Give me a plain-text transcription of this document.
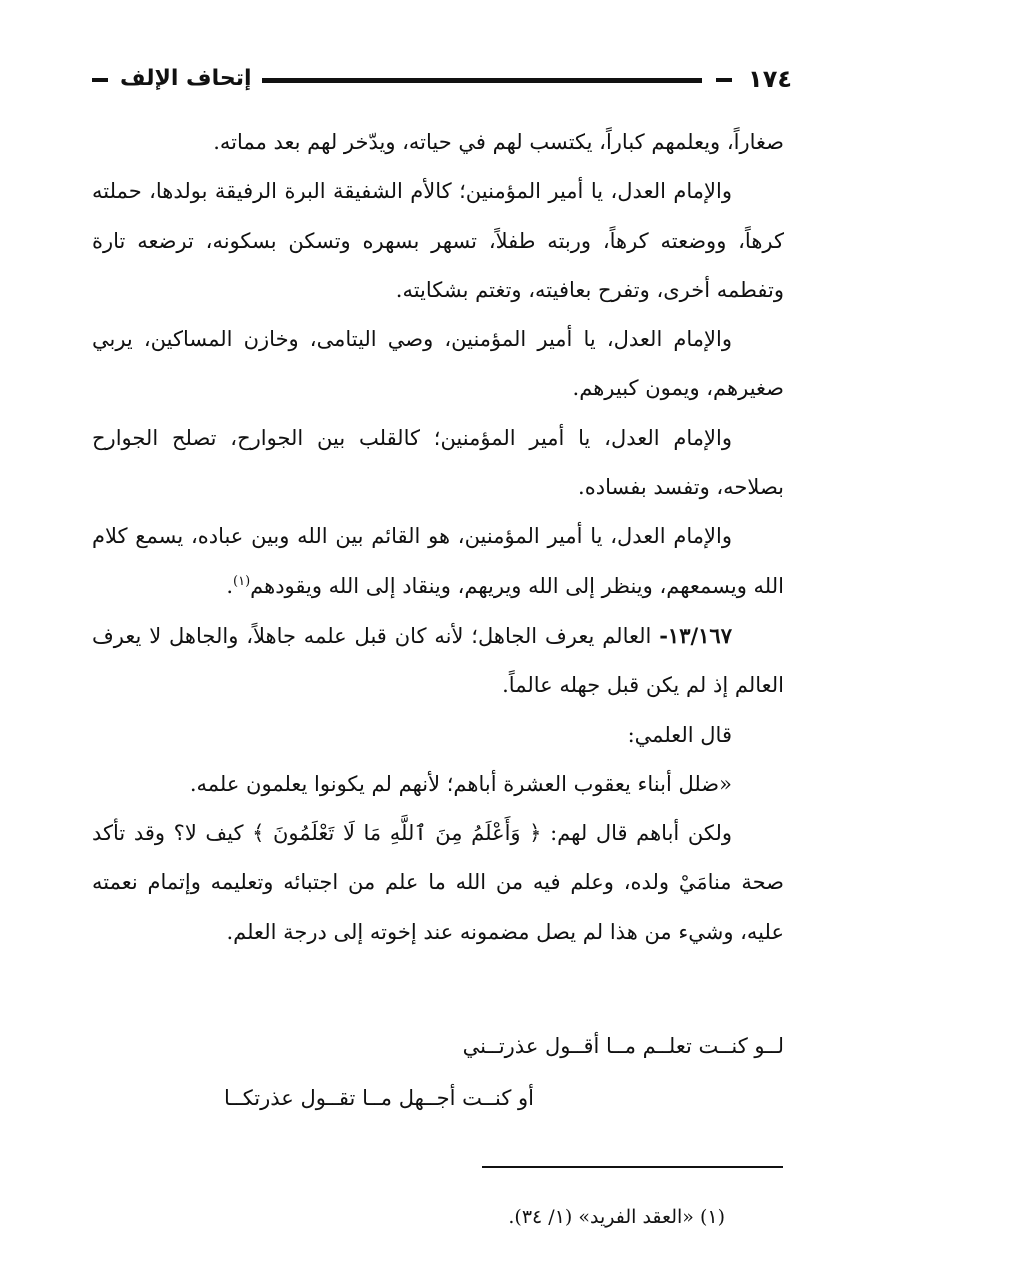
١٧٤
إتحاف الإلف

صغاراً، ويعلمهم كباراً، يكتسب لهم في حياته، ويدّخر لهم بعد مماته.

والإمام العدل، يا أمير المؤمنين؛ كالأم الشفيقة البرة الرفيقة بولدها، حملته كرهاً، ووضعته كرهاً، وربته طفلاً، تسهر بسهره وتسكن بسكونه، ترضعه تارة وتفطمه أخرى، وتفرح بعافيته، وتغتم بشكايته.

والإمام العدل، يا أمير المؤمنين، وصي اليتامى، وخازن المساكين، يربي صغيرهم، ويمون كبيرهم.

والإمام العدل، يا أمير المؤمنين؛ كالقلب بين الجوارح، تصلح الجوارح بصلاحه، وتفسد بفساده.

والإمام العدل، يا أمير المؤمنين، هو القائم بين الله وبين عباده، يسمع كلام الله ويسمعهم، وينظر إلى الله ويريهم، وينقاد إلى الله ويقودهم$^{(١)}$.

١٣/١٦٧- العالم يعرف الجاهل؛ لأنه كان قبل علمه جاهلاً، والجاهل لا يعرف العالم إذ لم يكن قبل جهله عالماً.

قال العلمي:

«ضلل أبناء يعقوب العشرة أباهم؛ لأنهم لم يكونوا يعلمون علمه.

ولكن أباهم قال لهم: ﴿ وَأَعْلَمُ مِنَ ٱللَّهِ مَا لَا تَعْلَمُونَ ﴾ كيف لا؟ وقد تأكد صحة منامَيْ ولده، وعلم فيه من الله ما علم من اجتبائه وتعليمه وإتمام نعمته عليه، وشيء من هذا لم يصل مضمونه عند إخوته إلى درجة العلم.

لــو كنــت تعلــم مــا أقــول عذرتــني
أو كنــت أجــهل مــا تقــول عذرتكــا
(١) «العقد الفريد» (١/ ٣٤).
